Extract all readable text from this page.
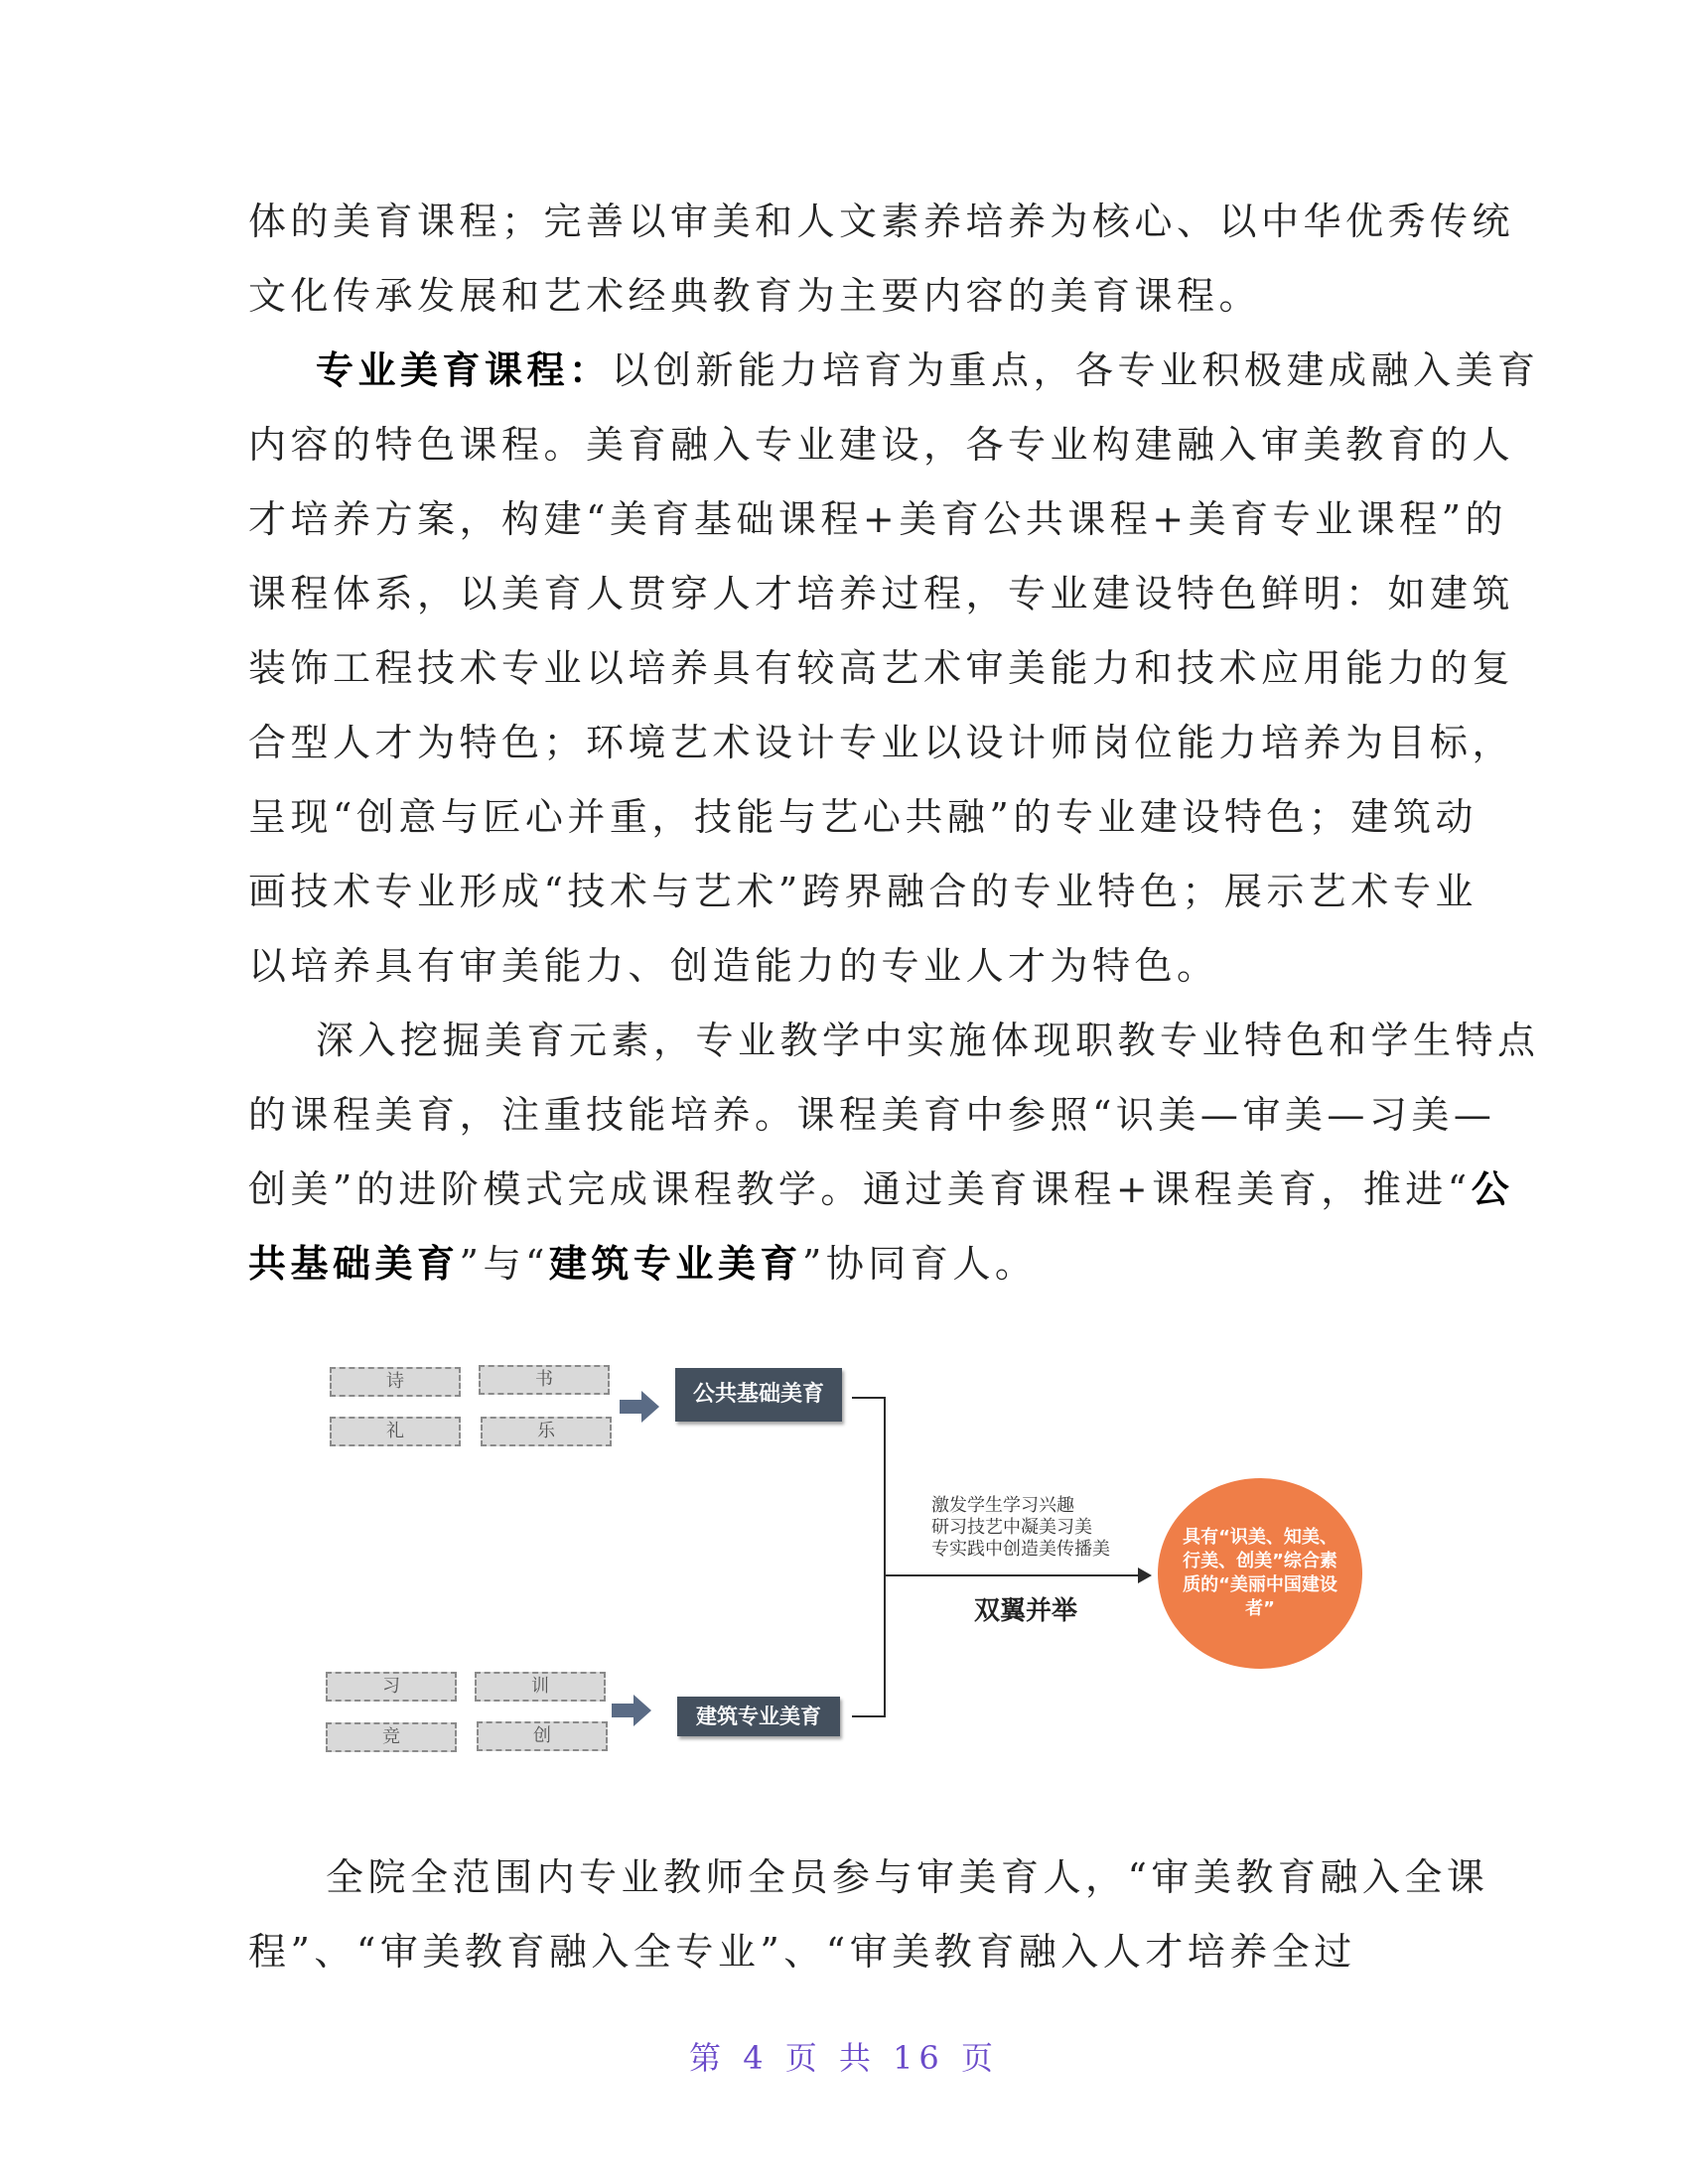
体的美育课程；完善以审美和人文素养培养为核心、以中华优秀传统
文化传承发展和艺术经典教育为主要内容的美育课程。
专业美育课程：以创新能力培育为重点，各专业积极建成融入美育
内容的特色课程。美育融入专业建设，各专业构建融入审美教育的人
才培养方案，构建“美育基础课程+美育公共课程+美育专业课程”的
课程体系，以美育人贯穿人才培养过程，专业建设特色鲜明：如建筑
装饰工程技术专业以培养具有较高艺术审美能力和技术应用能力的复
合型人才为特色；环境艺术设计专业以设计师岗位能力培养为目标，
呈现“创意与匠心并重，技能与艺心共融”的专业建设特色；建筑动
画技术专业形成“技术与艺术”跨界融合的专业特色；展示艺术专业
以培养具有审美能力、创造能力的专业人才为特色。
深入挖掘美育元素，专业教学中实施体现职教专业特色和学生特点
的课程美育，注重技能培养。课程美育中参照“识美—审美—习美—
创美”的进阶模式完成课程教学。通过美育课程+课程美育，推进“公
共基础美育”与“建筑专业美育”协同育人。
全院全范围内专业教师全员参与审美育人，“审美教育融入全课
程”、“审美教育融入全专业”、“审美教育融入人才培养全过
诗	书
礼	乐
公共基础美育
习	训
竞	创
建筑专业美育
激发学生学习兴趣
研习技艺中凝美习美
专实践中创造美传播美
双翼并举
具有“识美、知美、行美、创美”综合素质的“美丽中国建设者”
第 4 页 共 16 页
